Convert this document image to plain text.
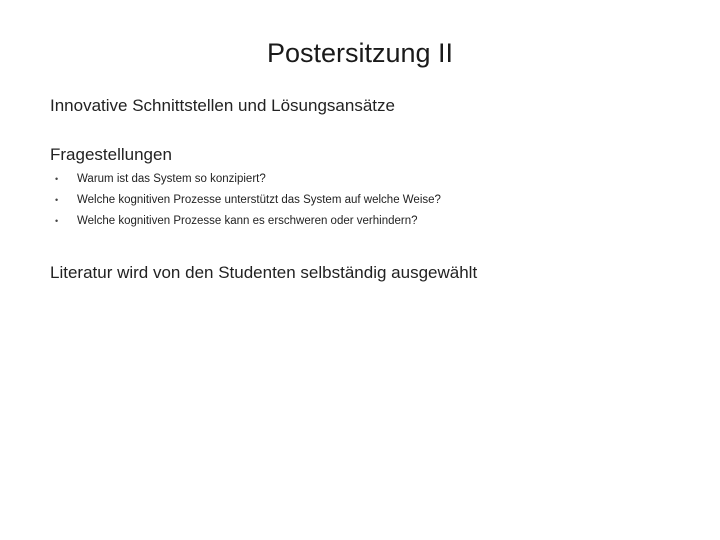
Postersitzung II
Innovative Schnittstellen und Lösungsansätze
Fragestellungen
• Warum ist das System so konzipiert?
• Welche kognitiven Prozesse unterstützt das System auf welche Weise?
• Welche kognitiven Prozesse kann es erschweren oder verhindern?
Literatur wird von den Studenten selbständig ausgewählt
